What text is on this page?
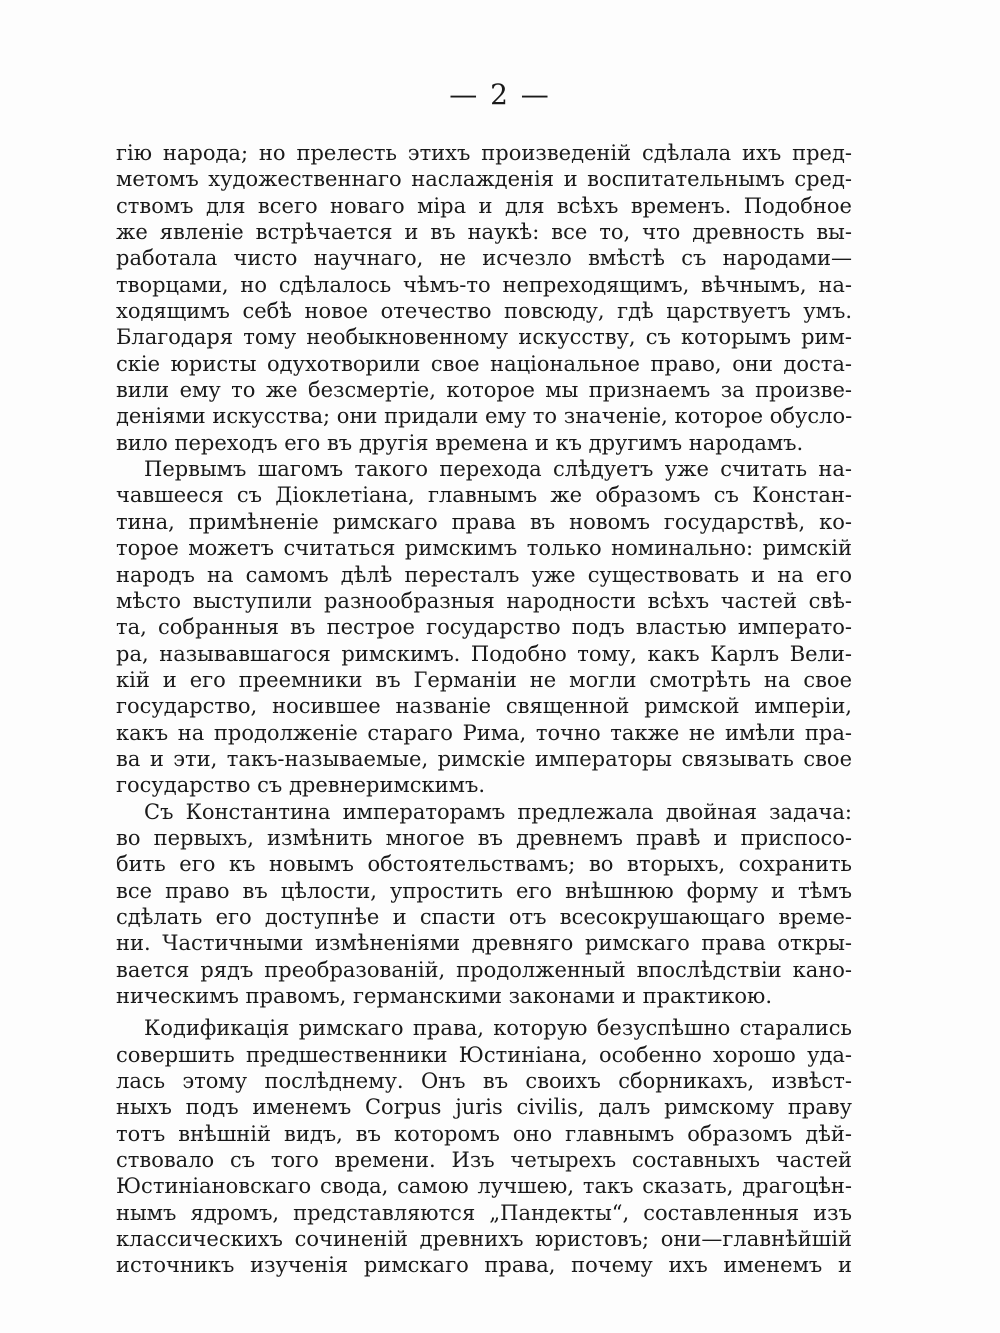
— 2 —
гію народа; но прелесть этихъ произведеній сдѣлала ихъ пред-
метомъ художественнаго наслажденія и воспитательнымъ сред-
ствомъ для всего новаго міра и для всѣхъ временъ. Подобное
же явленіе встрѣчается и въ наукѣ: все то, что древность вы-
работала чисто научнаго, не исчезло вмѣстѣ съ народами—
творцами, но сдѣлалось чѣмъ-то непреходящимъ, вѣчнымъ, на-
ходящимъ себѣ новое отечество повсюду, гдѣ царствуетъ умъ.
Благодаря тому необыкновенному искусству, съ которымъ рим-
скіе юристы одухотворили свое національное право, они доста-
вили ему то же безсмертіе, которое мы признаемъ за произве-
деніями искусства; они придали ему то значеніе, которое обусло-
вило переходъ его въ другія времена и къ другимъ народамъ.
Первымъ шагомъ такого перехода слѣдуетъ уже считать на-
чавшееся съ Діоклетіана, главнымъ же образомъ съ Констан-
тина, примѣненіе римскаго права въ новомъ государствѣ, ко-
торое можетъ считаться римскимъ только номинально: римскій
народъ на самомъ дѣлѣ пересталъ уже существовать и на его
мѣсто выступили разнообразныя народности всѣхъ частей свѣ-
та, собранныя въ пестрое государство подъ властью императо-
ра, называвшагося римскимъ. Подобно тому, какъ Карлъ Вели-
кій и его преемники въ Германіи не могли смотрѣть на свое
государство, носившее названіе священной римской имперіи,
какъ на продолженіе стараго Рима, точно также не имѣли пра-
ва и эти, такъ-называемые, римскіе императоры связывать свое
государство съ древнеримскимъ.
Съ Константина императорамъ предлежала двойная задача:
во первыхъ, измѣнить многое въ древнемъ правѣ и приспосо-
бить его къ новымъ обстоятельствамъ; во вторыхъ, сохранить
все право въ цѣлости, упростить его внѣшнюю форму и тѣмъ
сдѣлать его доступнѣе и спасти отъ всесокрушающаго време-
ни. Частичными измѣненіями древняго римскаго права откры-
вается рядъ преобразованій, продолженный впослѣдствіи кано-
ническимъ правомъ, германскими законами и практикою.
Кодификація римскаго права, которую безуспѣшно старались
совершить предшественники Юстиніана, особенно хорошо уда-
лась этому послѣднему. Онъ въ своихъ сборникахъ, извѣст-
ныхъ подъ именемъ Corpus juris civilis, далъ римскому праву
тотъ внѣшній видъ, въ которомъ оно главнымъ образомъ дѣй-
ствовало съ того времени. Изъ четырехъ составныхъ частей
Юстиніановскаго свода, самою лучшею, такъ сказать, драгоцѣн-
нымъ ядромъ, представляются „Пандекты“, составленныя изъ
классическихъ сочиненій древнихъ юристовъ; они—главнѣйшій
источникъ изученія римскаго права, почему ихъ именемъ и
